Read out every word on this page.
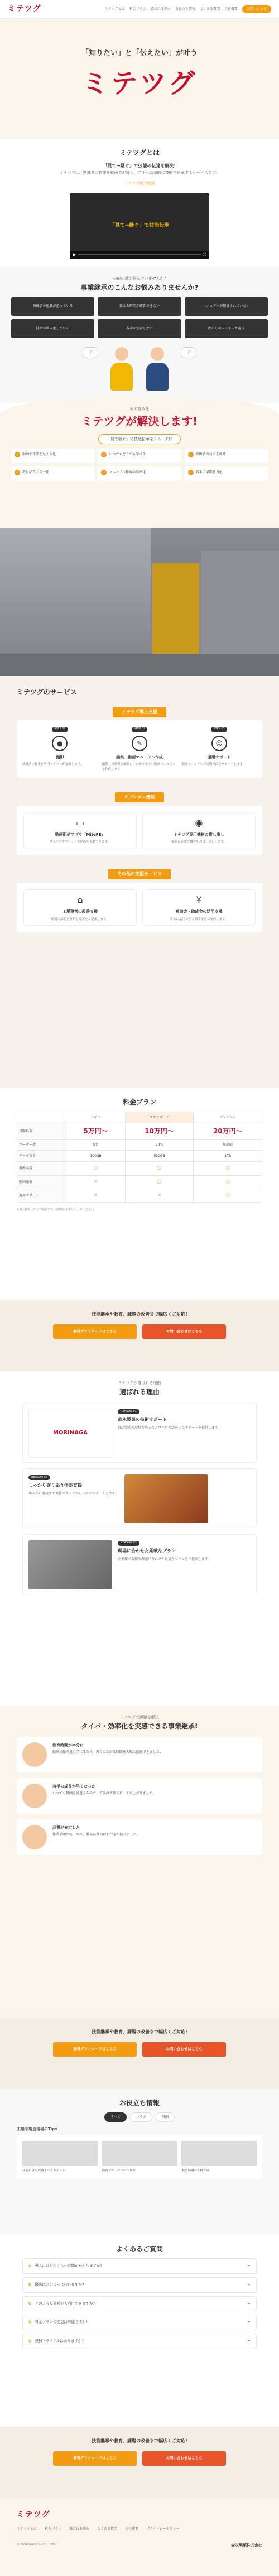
ミテツグ	ミテツグとは 料金プラン 選ばれる理由 お役立ち情報 よくある質問 会社概要	お問い合わせ
「知りたい」と「伝えたい」が叶う
ミテツグ
ミテツグとは
「見て→継ぐ」で技能の伝達を解決!
ミテツグは、熟練者の作業を動画で記録し、若手へ効率的に技能を伝承するサービスです。
ミテツグ紹介動画
「見て→継ぐ」で技能伝承
▶	⛶
技能伝承で悩んでいませんか?
事業継承のこんなお悩みありませんか?
熟練者の退職が迫っている	教える時間が確保できない	マニュアルが整備されていない
技術が属人化している	若手が定着しない	教え方が人によって違う
?	?
その悩みを
ミテツグが解決します!
「見て継ぐ」で技能伝承をスムーズに
✓	動画で作業を見える化	✓	いつでもどこでも学べる	✓	熟練者の負担を軽減
✓	教育品質の均一化	✓	マニュアル作成の効率化	✓	若手の早期戦力化
ミテツグのサービス
ミテツグ導入支援
STEP 01
●
撮影
熟練者の作業を専門スタッフが撮影します。
STEP 02
✎
編集・動画マニュアル作成
撮影した映像を編集し、わかりやすい動画マニュアルを作成します。
STEP 03
☺
運用サポート
動画マニュアルの活用方法をサポートします。
オプション機能
▭
動画配信アプリ「MiteFE」
スマホやタブレットで動画を視聴できます。
◉
ミテツグ専用機材の貸し出し
撮影に必要な機材をお貸し出しします。
その他の支援サービス
⌂
工場運営の改善支援
現場の課題を分析し改善をご提案します。
¥
補助金・助成金の活用支援
導入に活用できる補助金をご案内します。
料金プラン
	ライト	スタンダード	プレミアム
月額料金	5万円〜	10万円〜	20万円〜
ユーザー数	5名	20名	無制限
データ容量	100GB	500GB	1TB
撮影支援	○	○	○
動画編集	×	○	○
運用サポート	×	×	○
※表示価格はすべて税抜です。※詳細はお問い合わせください。
技能継承や教育、課題の改善まで幅広くご対応!
資料ダウンロードはこちら	お問い合わせはこちら
ミテツグが選ばれる理由
選ばれる理由
MORINAGA
REASON 01
森永製菓の技術サポート
食品製造の現場で培ったノウハウを活かしたサポートを提供します。
REASON 02
しっかり寄り添う伴走支援
導入から運用まで専任スタッフがしっかりサポートします。
REASON 03
現場に合わせた柔軟なプラン
企業様の規模や課題に合わせた最適なプランをご提案します。
ミテツグで課題を解決
タイパ・効率化を実感できる事業継承!
教育時間が半分に
動画で繰り返し学べるため、教育にかかる時間を大幅に削減できました。
若手の成長が早くなった
いつでも動画を見返せるので、若手の習熟スピードが上がりました。
品質が安定した
作業手順が統一され、製品品質のばらつきが減りました。
技能継承や教育、課題の改善まで幅広くご対応!
資料ダウンロードはこちら	お問い合わせはこちら
お役立ち情報
すべて	コラム	事例
工場や製造現場のTips
技能伝承を成功させるポイント	動画マニュアルの作り方	製造現場の人材育成
よくあるご質問
Q 導入にはどのくらい時間がかかりますか?	+
Q 撮影はどのように行いますか?	+
Q どのような業種でも利用できますか?	+
Q 料金プランの変更は可能ですか?	+
Q 無料トライアルはありますか?	+
技能継承や教育、課題の改善まで幅広くご対応!
資料ダウンロードはこちら	お問い合わせはこちら
ミテツグ
ミテツグとは 料金プラン 選ばれる理由 よくある質問 会社概要 プライバシーポリシー
© MORINAGA & CO., LTD.	森永製菓株式会社
